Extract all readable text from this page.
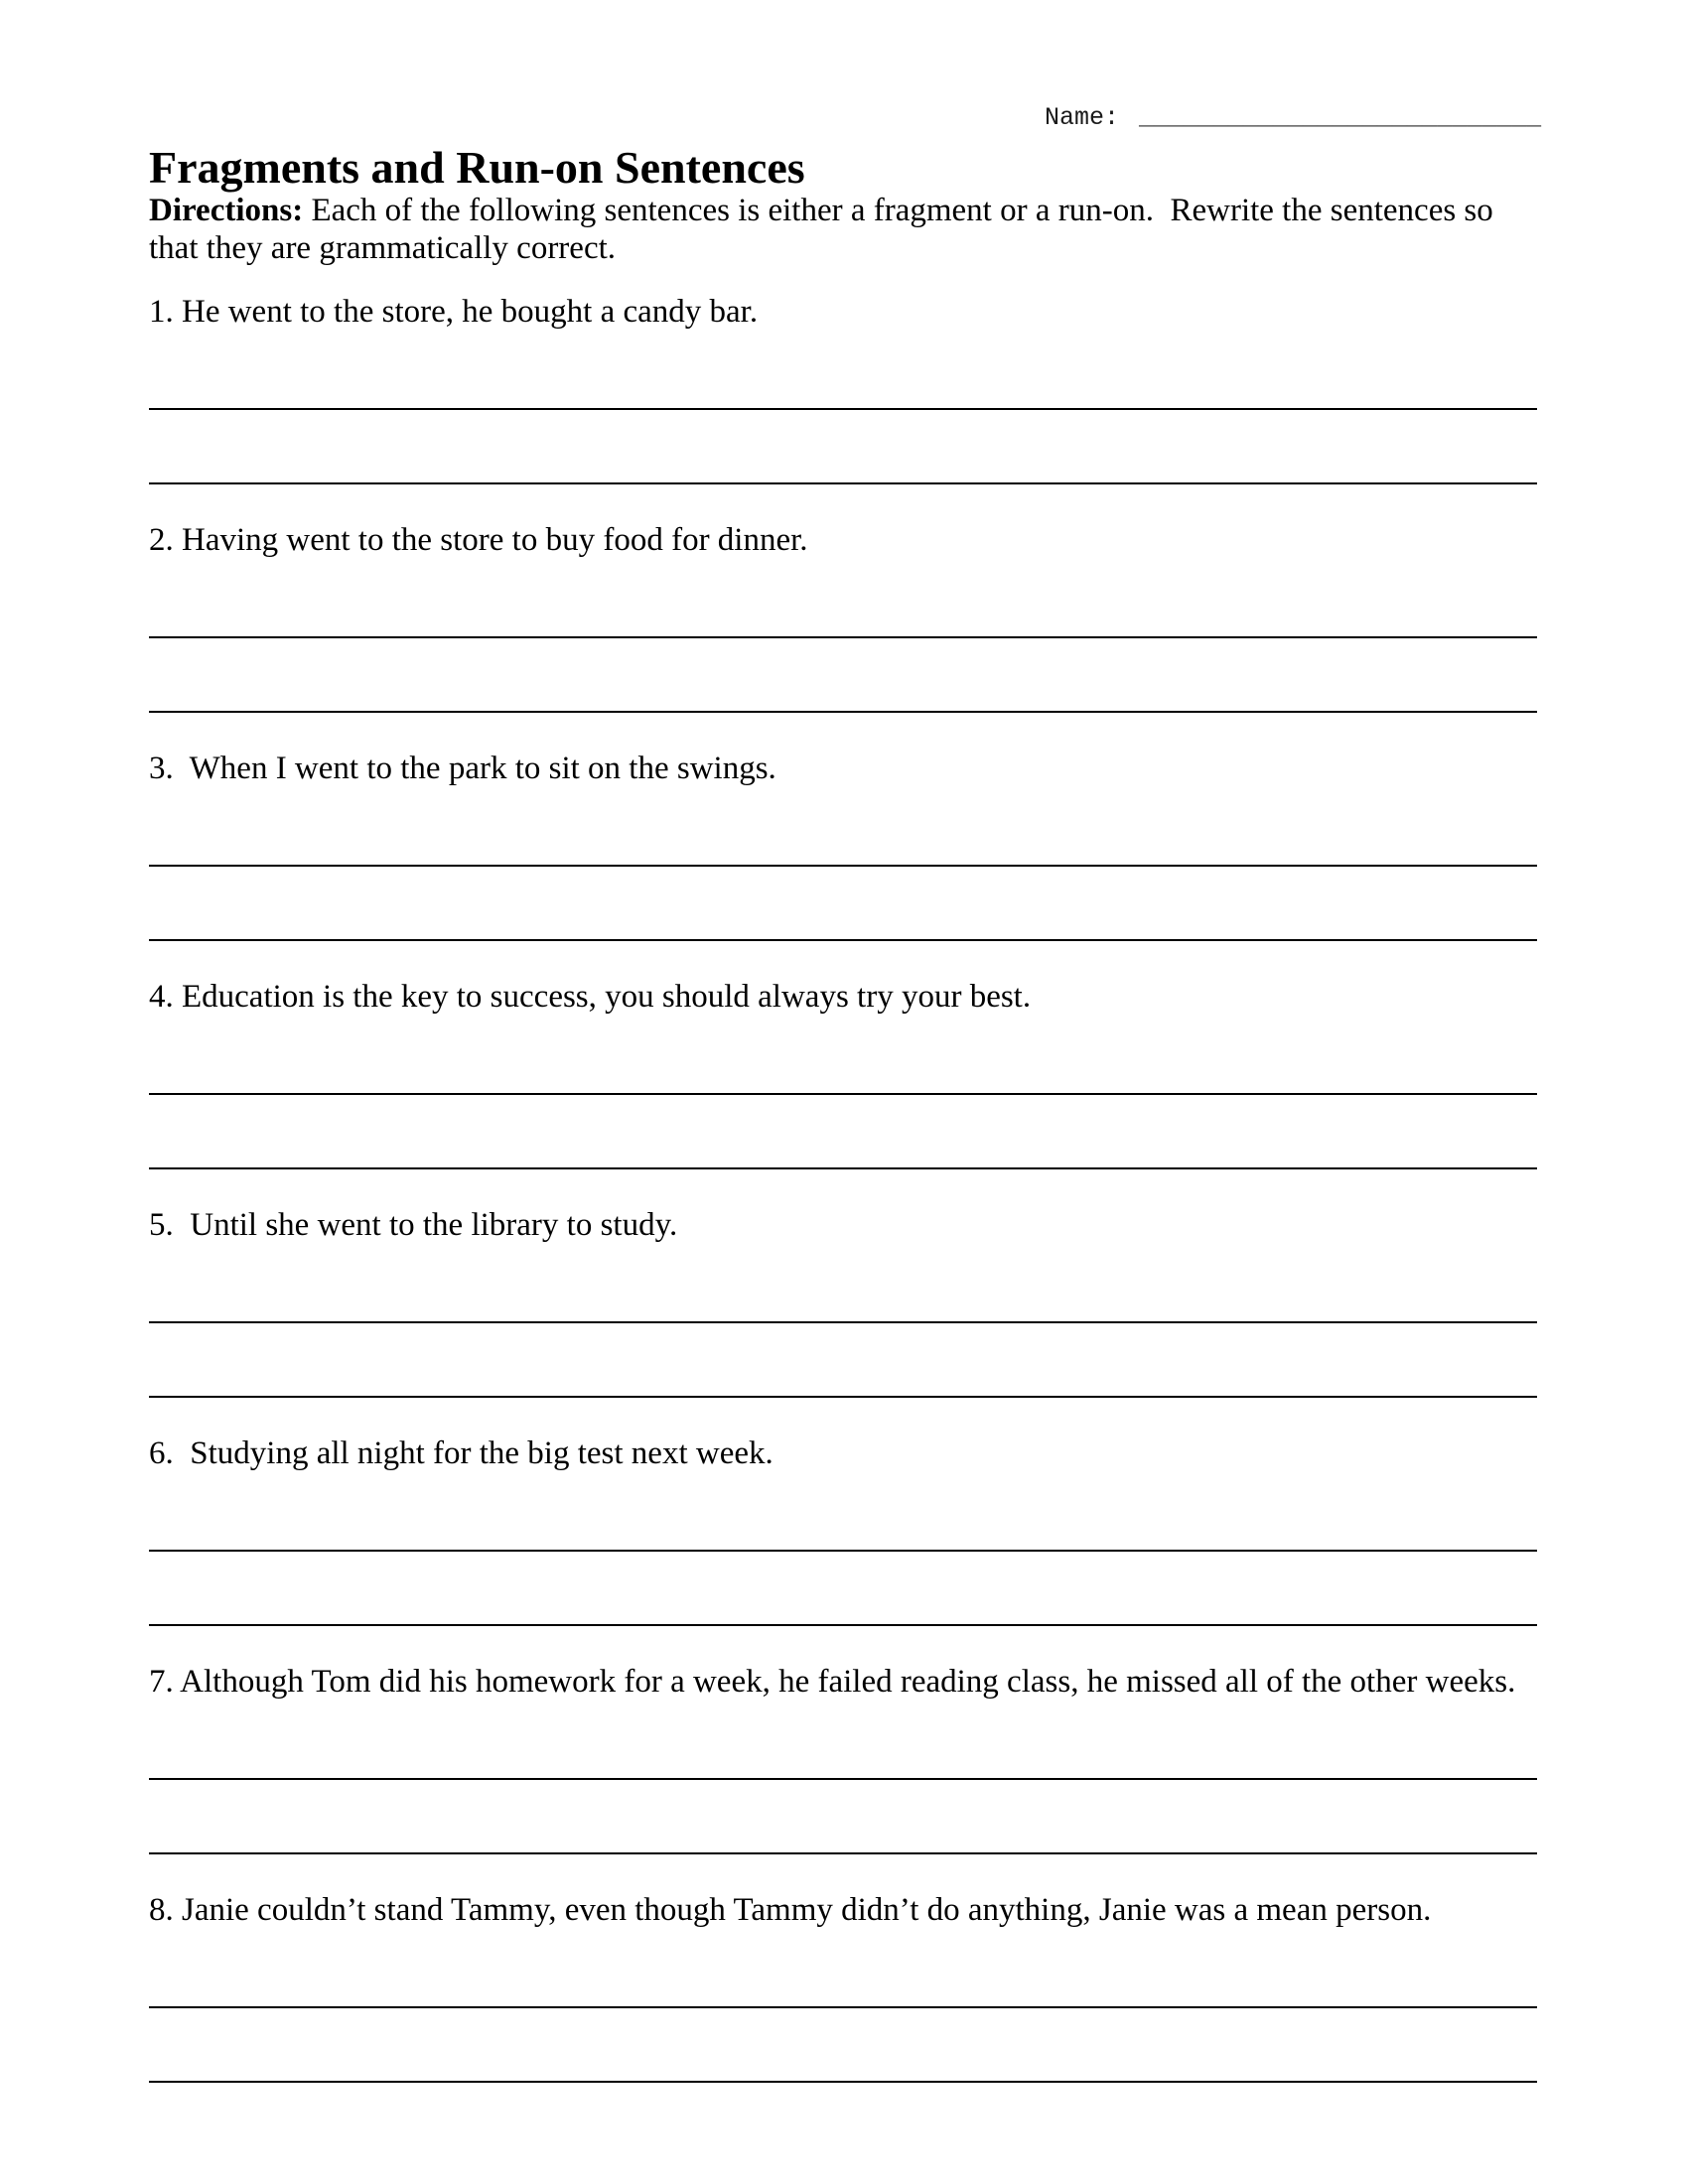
Name: ___________________________
Fragments and Run-on Sentences

Directions: Each of the following sentences is either a fragment or a run-on.  Rewrite the sentences so
that they are grammatically correct.

1. He went to the store, he bought a candy bar.

2. Having went to the store to buy food for dinner.

3.  When I went to the park to sit on the swings.

4. Education is the key to success, you should always try your best.

5.  Until she went to the library to study.

6.  Studying all night for the big test next week.

7. Although Tom did his homework for a week, he failed reading class, he missed all of the other weeks.

8. Janie couldn’t stand Tammy, even though Tammy didn’t do anything, Janie was a mean person.
